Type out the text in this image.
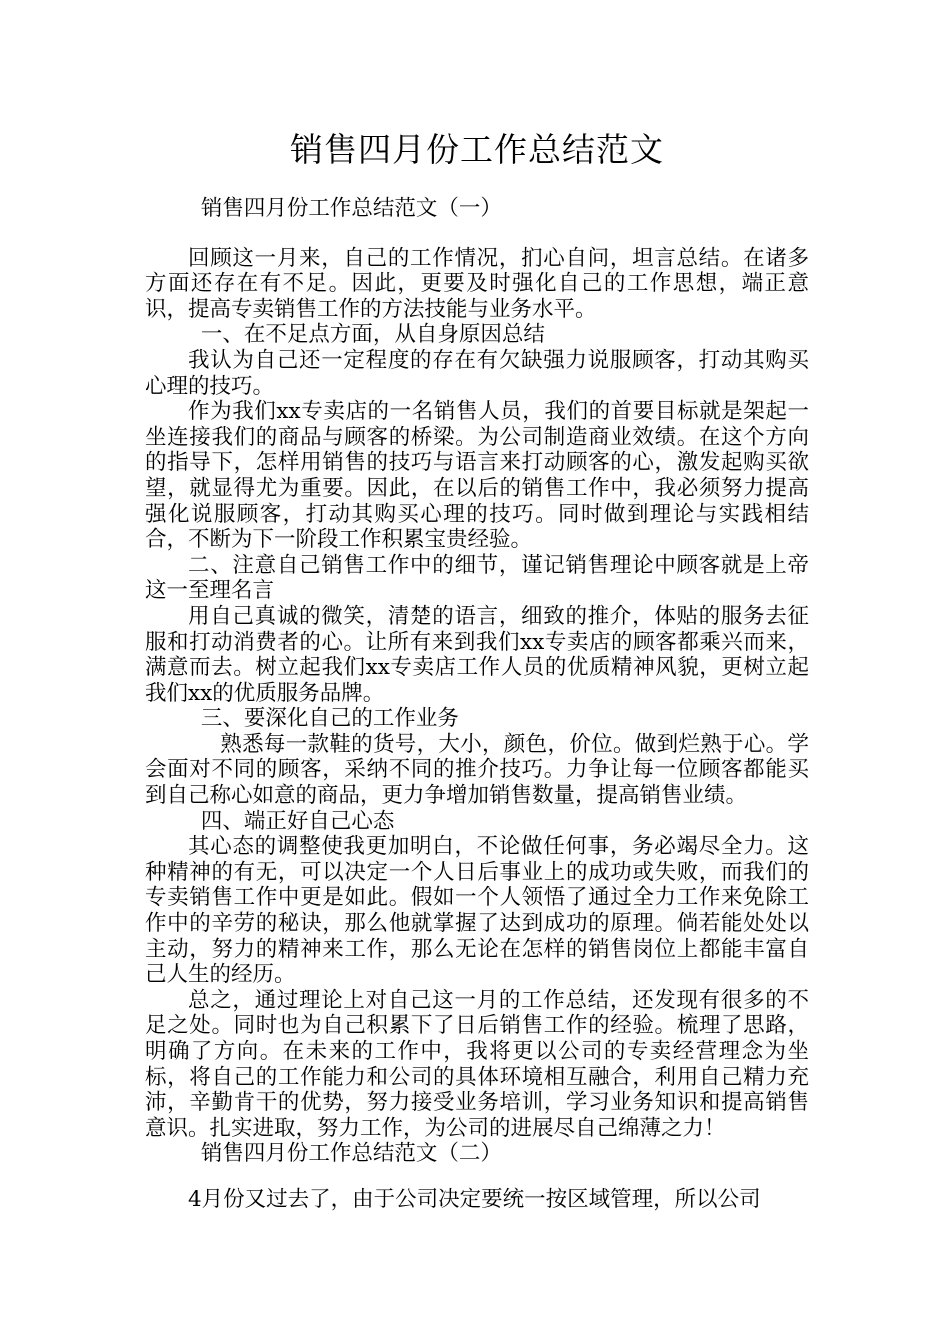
销售四月份工作总结范文

销售四月份工作总结范文（一）

回顾这一月来，自己的工作情况，扪心自问，坦言总结。在诸多方面还存在有不足。因此，更要及时强化自己的工作思想，端正意识，提高专卖销售工作的方法技能与业务水平。

一、在不足点方面，从自身原因总结

我认为自己还一定程度的存在有欠缺强力说服顾客，打动其购买心理的技巧。

作为我们xx专卖店的一名销售人员，我们的首要目标就是架起一坐连接我们的商品与顾客的桥梁。为公司制造商业效绩。在这个方向的指导下，怎样用销售的技巧与语言来打动顾客的心，激发起购买欲望，就显得尤为重要。因此，在以后的销售工作中，我必须努力提高强化说服顾客，打动其购买心理的技巧。同时做到理论与实践相结合，不断为下一阶段工作积累宝贵经验。

二、注意自己销售工作中的细节，谨记销售理论中顾客就是上帝这一至理名言

用自己真诚的微笑，清楚的语言，细致的推介，体贴的服务去征服和打动消费者的心。让所有来到我们xx专卖店的顾客都乘兴而来，满意而去。树立起我们xx专卖店工作人员的优质精神风貌，更树立起我们xx的优质服务品牌。

三、要深化自己的工作业务

熟悉每一款鞋的货号，大小，颜色，价位。做到烂熟于心。学会面对不同的顾客，采纳不同的推介技巧。力争让每一位顾客都能买到自己称心如意的商品，更力争增加销售数量，提高销售业绩。

四、端正好自己心态

其心态的调整使我更加明白，不论做任何事，务必竭尽全力。这种精神的有无，可以决定一个人日后事业上的成功或失败，而我们的专卖销售工作中更是如此。假如一个人领悟了通过全力工作来免除工作中的辛劳的秘诀，那么他就掌握了达到成功的原理。倘若能处处以主动，努力的精神来工作，那么无论在怎样的销售岗位上都能丰富自己人生的经历。

总之，通过理论上对自己这一月的工作总结，还发现有很多的不足之处。同时也为自己积累下了日后销售工作的经验。梳理了思路，明确了方向。在未来的工作中，我将更以公司的专卖经营理念为坐标，将自己的工作能力和公司的具体环境相互融合，利用自己精力充沛，辛勤肯干的优势，努力接受业务培训，学习业务知识和提高销售意识。扎实进取，努力工作，为公司的进展尽自己绵薄之力！

销售四月份工作总结范文（二）

4月份又过去了，由于公司决定要统一按区域管理，所以公司
